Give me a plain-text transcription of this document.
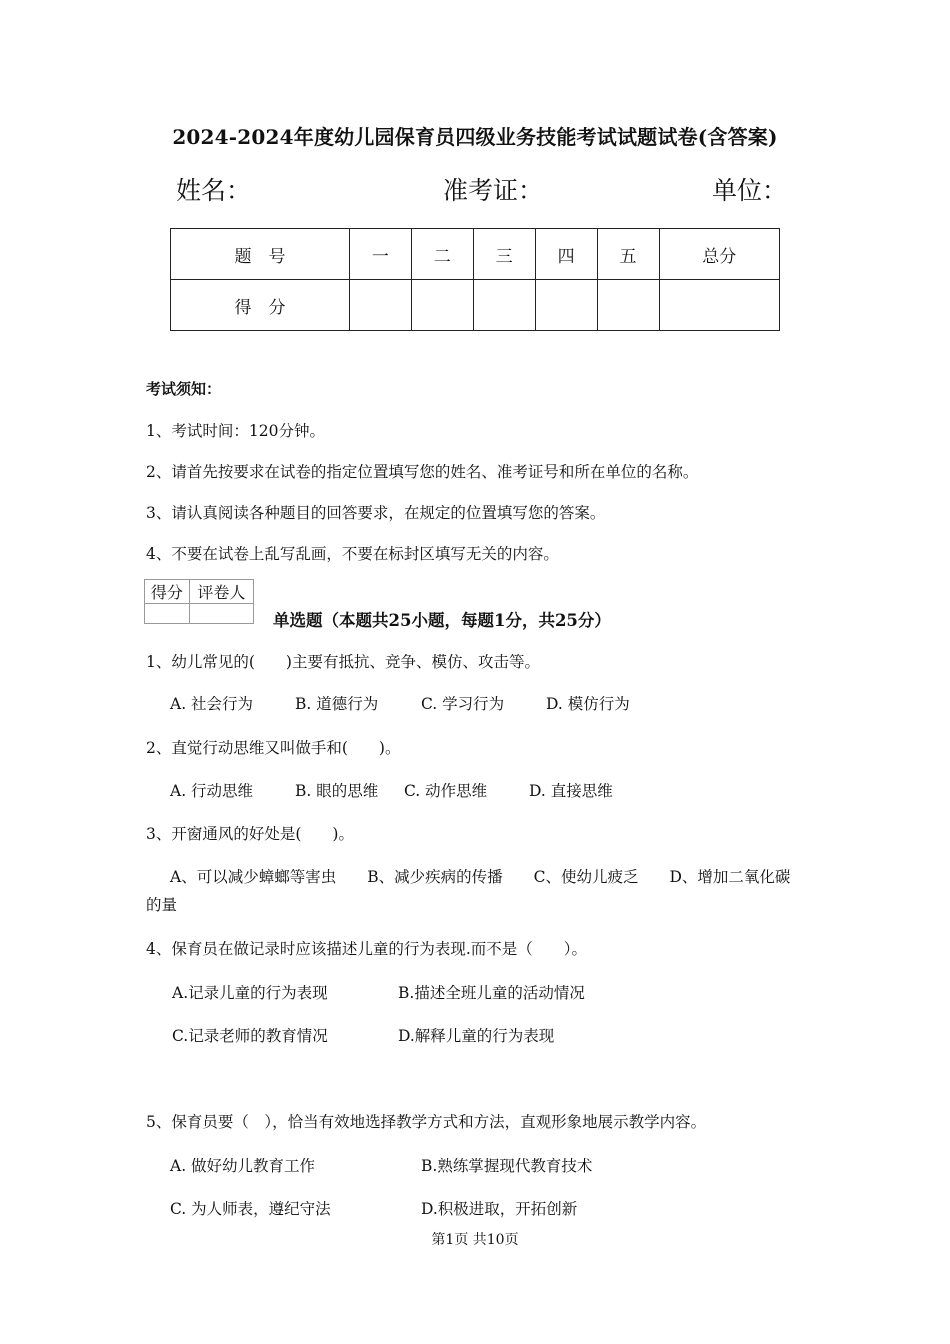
2024-2024年度幼儿园保育员四级业务技能考试试题试卷(含答案)
姓名：	准考证：	单位：
题　号	一	二	三	四	五	总分
得　分						
考试须知：
1、考试时间：120分钟。
2、请首先按要求在试卷的指定位置填写您的姓名、准考证号和所在单位的名称。
3、请认真阅读各种题目的回答要求，在规定的位置填写您的答案。
4、不要在试卷上乱写乱画，不要在标封区填写无关的内容。
得分	评卷人

单选题（本题共25小题，每题1分，共25分）
1、幼儿常见的(　　)主要有抵抗、竞争、模仿、攻击等。
A. 社会行为	B. 道德行为	C. 学习行为	D. 模仿行为
2、直觉行动思维又叫做手和(　　)。
A. 行动思维	B. 眼的思维 C. 动作思维	D. 直接思维
3、开窗通风的好处是(　　)。
A、可以减少蟑螂等害虫　　B、减少疾病的传播　　C、使幼儿疲乏　　D、增加二氧化碳
的量
4、保育员在做记录时应该描述儿童的行为表现.而不是（　　）。
A.记录儿童的行为表现	B.描述全班儿童的活动情况
C.记录老师的教育情况	D.解释儿童的行为表现
5、保育员要（　），恰当有效地选择教学方式和方法，直观形象地展示教学内容。
A. 做好幼儿教育工作	B.熟练掌握现代教育技术
C. 为人师表，遵纪守法	D.积极进取，开拓创新
第1页 共10页
